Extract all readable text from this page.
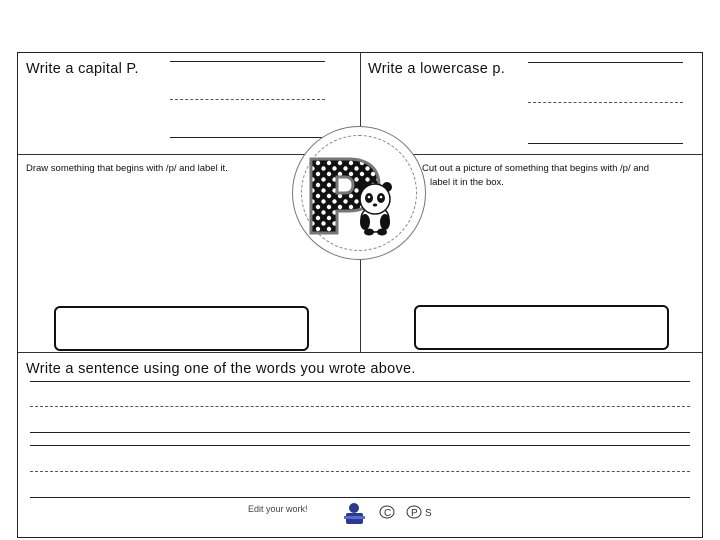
Write a capital P.	Write a lowercase p.
Draw something that begins with /p/ and label it.	Cut out a picture of something that begins with /p/ and
label it in the box.
Write a sentence using one of the words you wrote above.
Edit your work!	C P S
